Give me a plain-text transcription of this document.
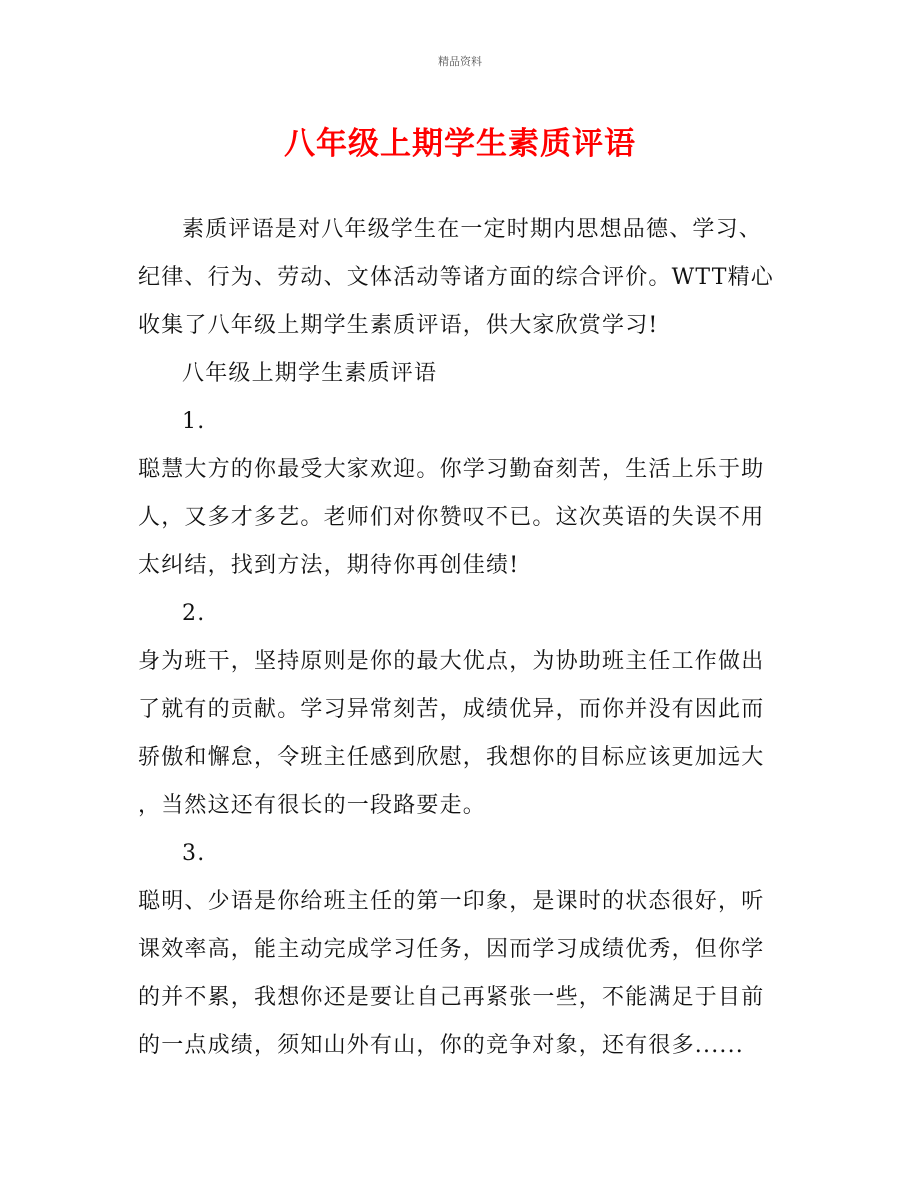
精品资料
八年级上期学生素质评语
素质评语是对八年级学生在一定时期内思想品德、学习、
纪律、行为、劳动、文体活动等诸方面的综合评价。WTT精心
收集了八年级上期学生素质评语，供大家欣赏学习!
八年级上期学生素质评语
1.
聪慧大方的你最受大家欢迎。你学习勤奋刻苦，生活上乐于助
人，又多才多艺。老师们对你赞叹不已。这次英语的失误不用
太纠结，找到方法，期待你再创佳绩!
2.
身为班干，坚持原则是你的最大优点，为协助班主任工作做出
了就有的贡献。学习异常刻苦，成绩优异，而你并没有因此而
骄傲和懈怠，令班主任感到欣慰，我想你的目标应该更加远大
，当然这还有很长的一段路要走。
3.
聪明、少语是你给班主任的第一印象，是课时的状态很好，听
课效率高，能主动完成学习任务，因而学习成绩优秀，但你学
的并不累，我想你还是要让自己再紧张一些，不能满足于目前
的一点成绩，须知山外有山，你的竞争对象，还有很多......
